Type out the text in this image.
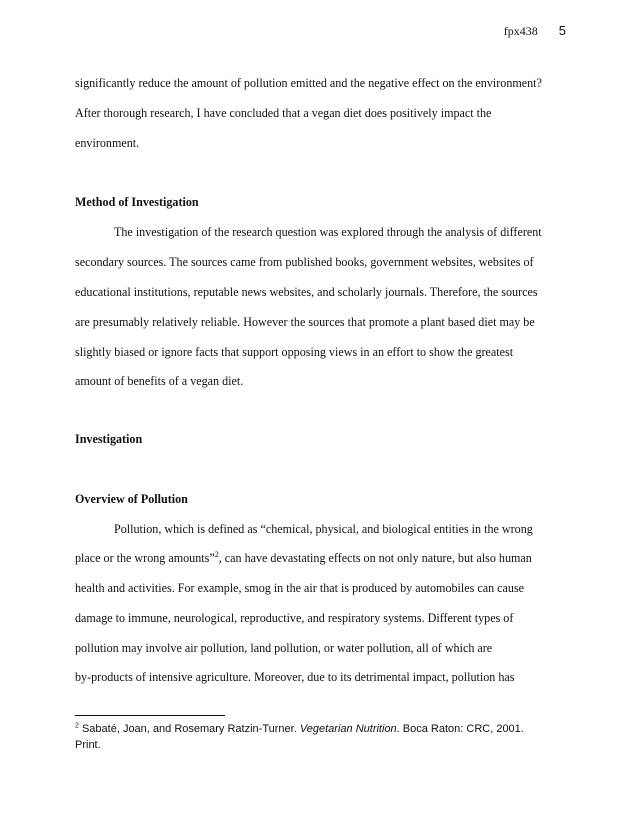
fpx438 5
significantly reduce the amount of pollution emitted and the negative effect on the environment?
After thorough research, I have concluded that a vegan diet does positively impact the
environment.
Method of Investigation
The investigation of the research question was explored through the analysis of different
secondary sources. The sources came from published books, government websites, websites of
educational institutions, reputable news websites, and scholarly journals. Therefore, the sources
are presumably relatively reliable. However the sources that promote a plant based diet may be
slightly biased or ignore facts that support opposing views in an effort to show the greatest
amount of benefits of a vegan diet.
Investigation
Overview of Pollution
Pollution, which is defined as “chemical, physical, and biological entities in the wrong
place or the wrong amounts”$^2$, can have devastating effects on not only nature, but also human
health and activities. For example, smog in the air that is produced by automobiles can cause
damage to immune, neurological, reproductive, and respiratory systems. Different types of
pollution may involve air pollution, land pollution, or water pollution, all of which are
by-products of intensive agriculture. Moreover, due to its detrimental impact, pollution has
$^2$ Sabaté, Joan, and Rosemary Ratzin-Turner. Vegetarian Nutrition. Boca Raton: CRC, 2001.
Print.
